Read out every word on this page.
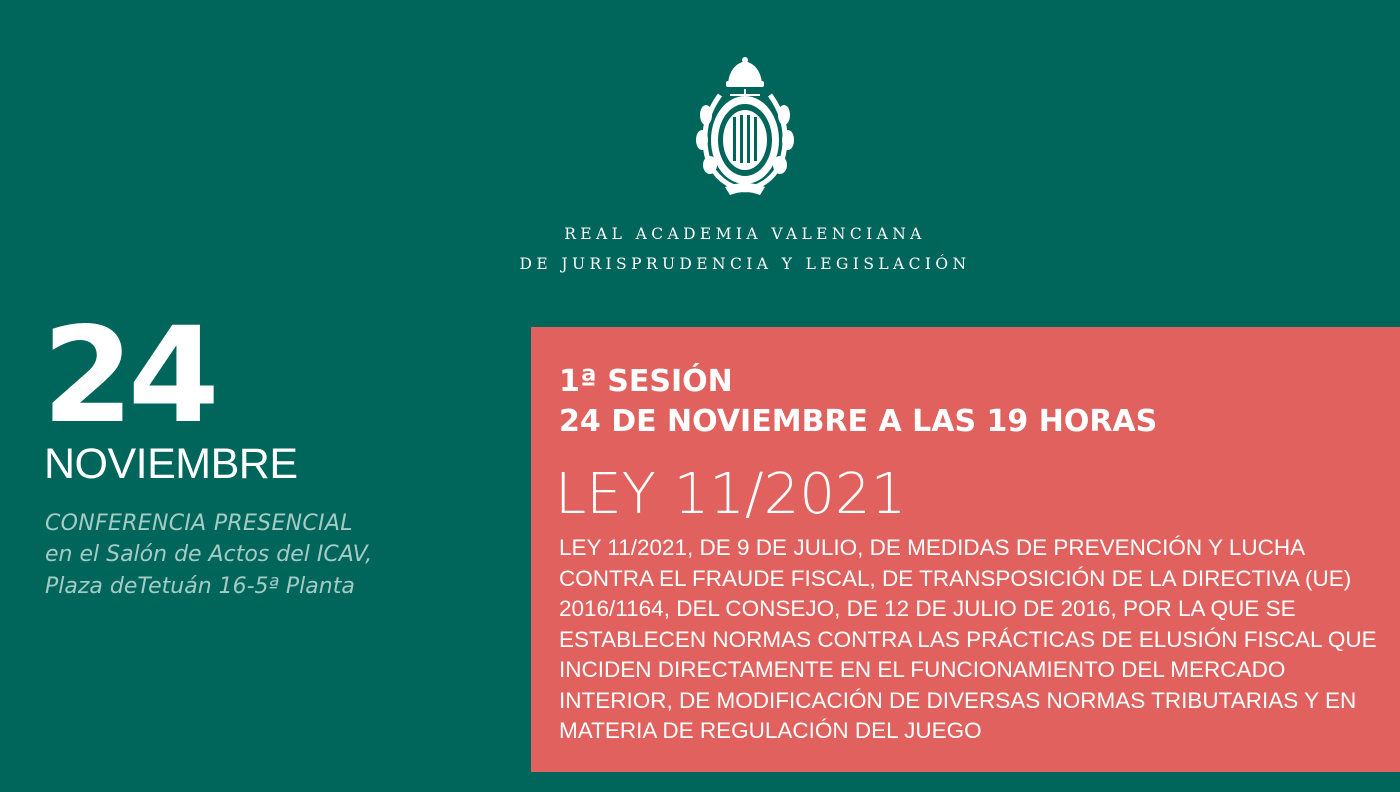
REAL ACADEMIA VALENCIANA
DE JURISPRUDENCIA Y LEGISLACIÓN
24
NOVIEMBRE
CONFERENCIA PRESENCIAL
en el Salón de Actos del ICAV,
Plaza deTetuán 16-5ª Planta
1ª SESIÓN
24 DE NOVIEMBRE A LAS 19 HORAS
LEY 11/2021
LEY 11/2021, DE 9 DE JULIO, DE MEDIDAS DE PREVENCIÓN Y LUCHA CONTRA EL FRAUDE FISCAL, DE TRANSPOSICIÓN DE LA DIRECTIVA (UE) 2016/1164, DEL CONSEJO, DE 12 DE JULIO DE 2016, POR LA QUE SE ESTABLECEN NORMAS CONTRA LAS PRÁCTICAS DE ELUSIÓN FISCAL QUE INCIDEN DIRECTAMENTE EN EL FUNCIONAMIENTO DEL MERCADO INTERIOR, DE MODIFICACIÓN DE DIVERSAS NORMAS TRIBUTARIAS Y EN MATERIA DE REGULACIÓN DEL JUEGO
